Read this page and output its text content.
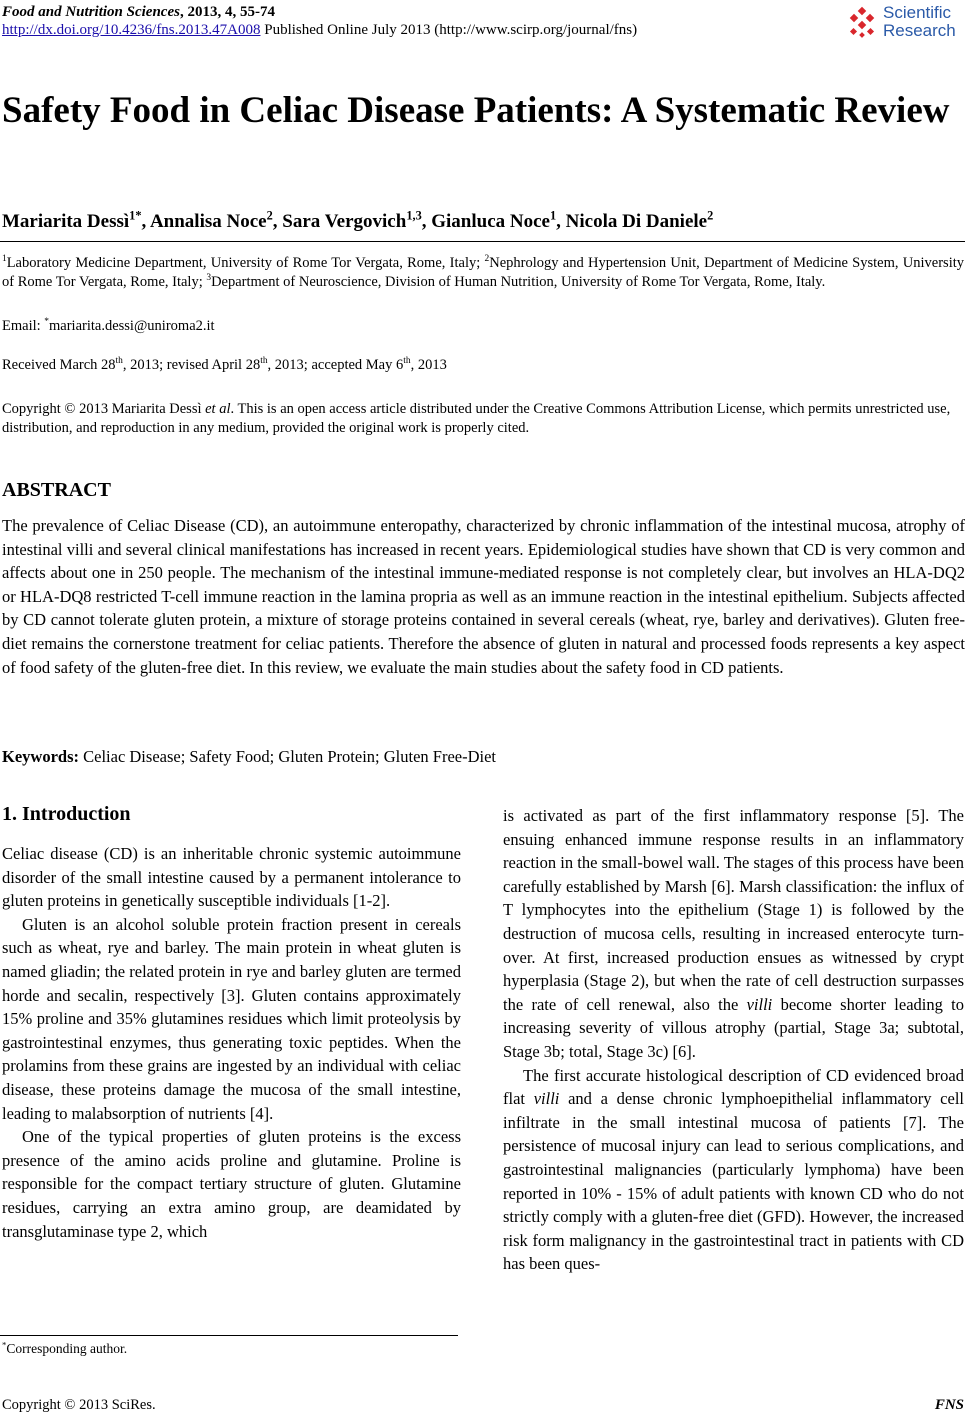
Food and Nutrition Sciences, 2013, 4, 55-74
http://dx.doi.org/10.4236/fns.2013.47A008 Published Online July 2013 (http://www.scirp.org/journal/fns)
Scientific
Research
Safety Food in Celiac Disease Patients: A Systematic Review
Mariarita Dessì$^{1*}$, Annalisa Noce$^2$, Sara Vergovich$^{1,3}$, Gianluca Noce$^1$, Nicola Di Daniele$^2$
$^1$Laboratory Medicine Department, University of Rome Tor Vergata, Rome, Italy; $^2$Nephrology and Hypertension Unit, Department of Medicine System, University of Rome Tor Vergata, Rome, Italy; $^3$Department of Neuroscience, Division of Human Nutrition, University of Rome Tor Vergata, Rome, Italy.
Email: *mariarita.dessi@uniroma2.it
Received March 28th, 2013; revised April 28th, 2013; accepted May 6th, 2013
Copyright © 2013 Mariarita Dessì et al. This is an open access article distributed under the Creative Commons Attribution License, which permits unrestricted use, distribution, and reproduction in any medium, provided the original work is properly cited.
ABSTRACT
The prevalence of Celiac Disease (CD), an autoimmune enteropathy, characterized by chronic inflammation of the intestinal mucosa, atrophy of intestinal villi and several clinical manifestations has increased in recent years. Epidemiological studies have shown that CD is very common and affects about one in 250 people. The mechanism of the intestinal immune-mediated response is not completely clear, but involves an HLA-DQ2 or HLA-DQ8 restricted T-cell immune reaction in the lamina propria as well as an immune reaction in the intestinal epithelium. Subjects affected by CD cannot tolerate gluten protein, a mixture of storage proteins contained in several cereals (wheat, rye, barley and derivatives). Gluten free-diet remains the cornerstone treatment for celiac patients. Therefore the absence of gluten in natural and processed foods represents a key aspect of food safety of the gluten-free diet. In this review, we evaluate the main studies about the safety food in CD patients.
Keywords: Celiac Disease; Safety Food; Gluten Protein; Gluten Free-Diet
1. Introduction

Celiac disease (CD) is an inheritable chronic systemic autoimmune disorder of the small intestine caused by a permanent intolerance to gluten proteins in genetically susceptible individuals [1-2].

Gluten is an alcohol soluble protein fraction present in cereals such as wheat, rye and barley. The main protein in wheat gluten is named gliadin; the related protein in rye and barley gluten are termed horde and secalin, respectively [3]. Gluten contains approximately 15% proline and 35% glutamines residues which limit proteolysis by gastrointestinal enzymes, thus generating toxic peptides. When the prolamins from these grains are ingested by an individual with celiac disease, these proteins damage the mucosa of the small intestine, leading to malabsorption of nutrients [4].

One of the typical properties of gluten proteins is the excess presence of the amino acids proline and glutamine. Proline is responsible for the compact tertiary structure of gluten. Glutamine residues, carrying an extra amino group, are deamidated by transglutaminase type 2, which

is activated as part of the first inflammatory response [5]. The ensuing enhanced immune response results in an inflammatory reaction in the small-bowel wall. The stages of this process have been carefully established by Marsh [6]. Marsh classification: the influx of T lymphocytes into the epithelium (Stage 1) is followed by the destruction of mucosa cells, resulting in increased enterocyte turn-over. At first, increased production ensues as witnessed by crypt hyperplasia (Stage 2), but when the rate of cell destruction surpasses the rate of cell renewal, also the villi become shorter leading to increasing severity of villous atrophy (partial, Stage 3a; subtotal, Stage 3b; total, Stage 3c) [6].

The first accurate histological description of CD evidenced broad flat villi and a dense chronic lymphoepithelial inflammatory cell infiltrate in the small intestinal mucosa of patients [7]. The persistence of mucosal injury can lead to serious complications, and gastrointestinal malignancies (particularly lymphoma) have been reported in 10% - 15% of adult patients with known CD who do not strictly comply with a gluten-free diet (GFD). However, the increased risk form malignancy in the gastrointestinal tract in patients with CD has been ques-

*Corresponding author.
Copyright © 2013 SciRes.	FNS
